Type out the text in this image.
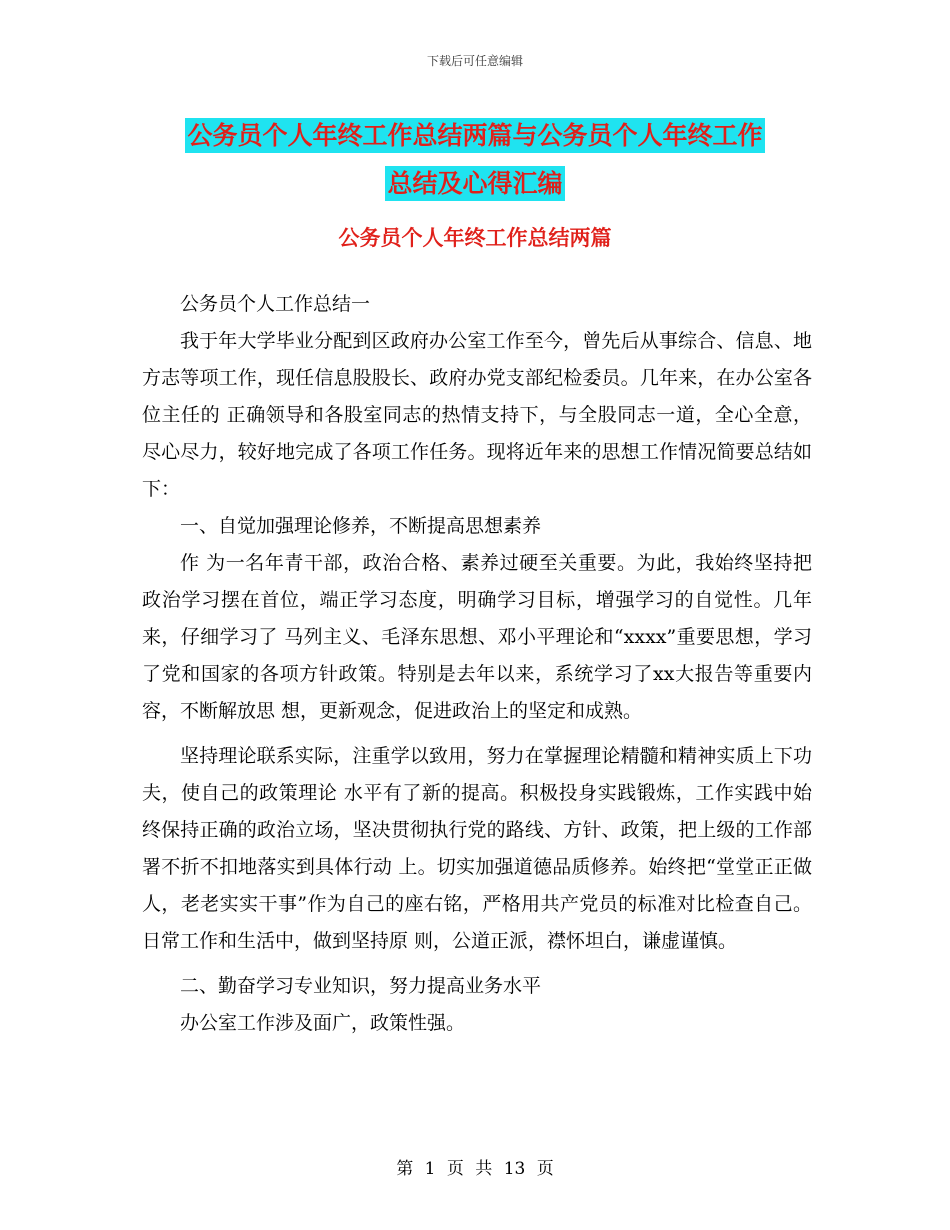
下载后可任意编辑
公务员个人年终工作总结两篇与公务员个人年终工作
总结及心得汇编
公务员个人年终工作总结两篇

公务员个人工作总结一

我于年大学毕业分配到区政府办公室工作至今，曾先后从事综合、信息、地方志等项工作，现任信息股股长、政府办党支部纪检委员。几年来，在办公室各位主任的 正确领导和各股室同志的热情支持下，与全股同志一道，全心全意，尽心尽力，较好地完成了各项工作任务。现将近年来的思想工作情况简要总结如下：

一、自觉加强理论修养，不断提高思想素养

作 为一名年青干部，政治合格、素养过硬至关重要。为此，我始终坚持把政治学习摆在首位，端正学习态度，明确学习目标，增强学习的自觉性。几年来，仔细学习了 马列主义、毛泽东思想、邓小平理论和“xxxx”重要思想，学习了党和国家的各项方针政策。特别是去年以来，系统学习了xx大报告等重要内容，不断解放思 想，更新观念，促进政治上的坚定和成熟。

坚持理论联系实际，注重学以致用，努力在掌握理论精髓和精神实质上下功夫，使自己的政策理论 水平有了新的提高。积极投身实践锻炼，工作实践中始终保持正确的政治立场，坚决贯彻执行党的路线、方针、政策，把上级的工作部署不折不扣地落实到具体行动 上。切实加强道德品质修养。始终把“堂堂正正做人，老老实实干事”作为自己的座右铭，严格用共产党员的标准对比检查自己。日常工作和生活中，做到坚持原 则，公道正派，襟怀坦白，谦虚谨慎。

二、勤奋学习专业知识，努力提高业务水平

办公室工作涉及面广，政策性强。

第 1 页 共 13 页
